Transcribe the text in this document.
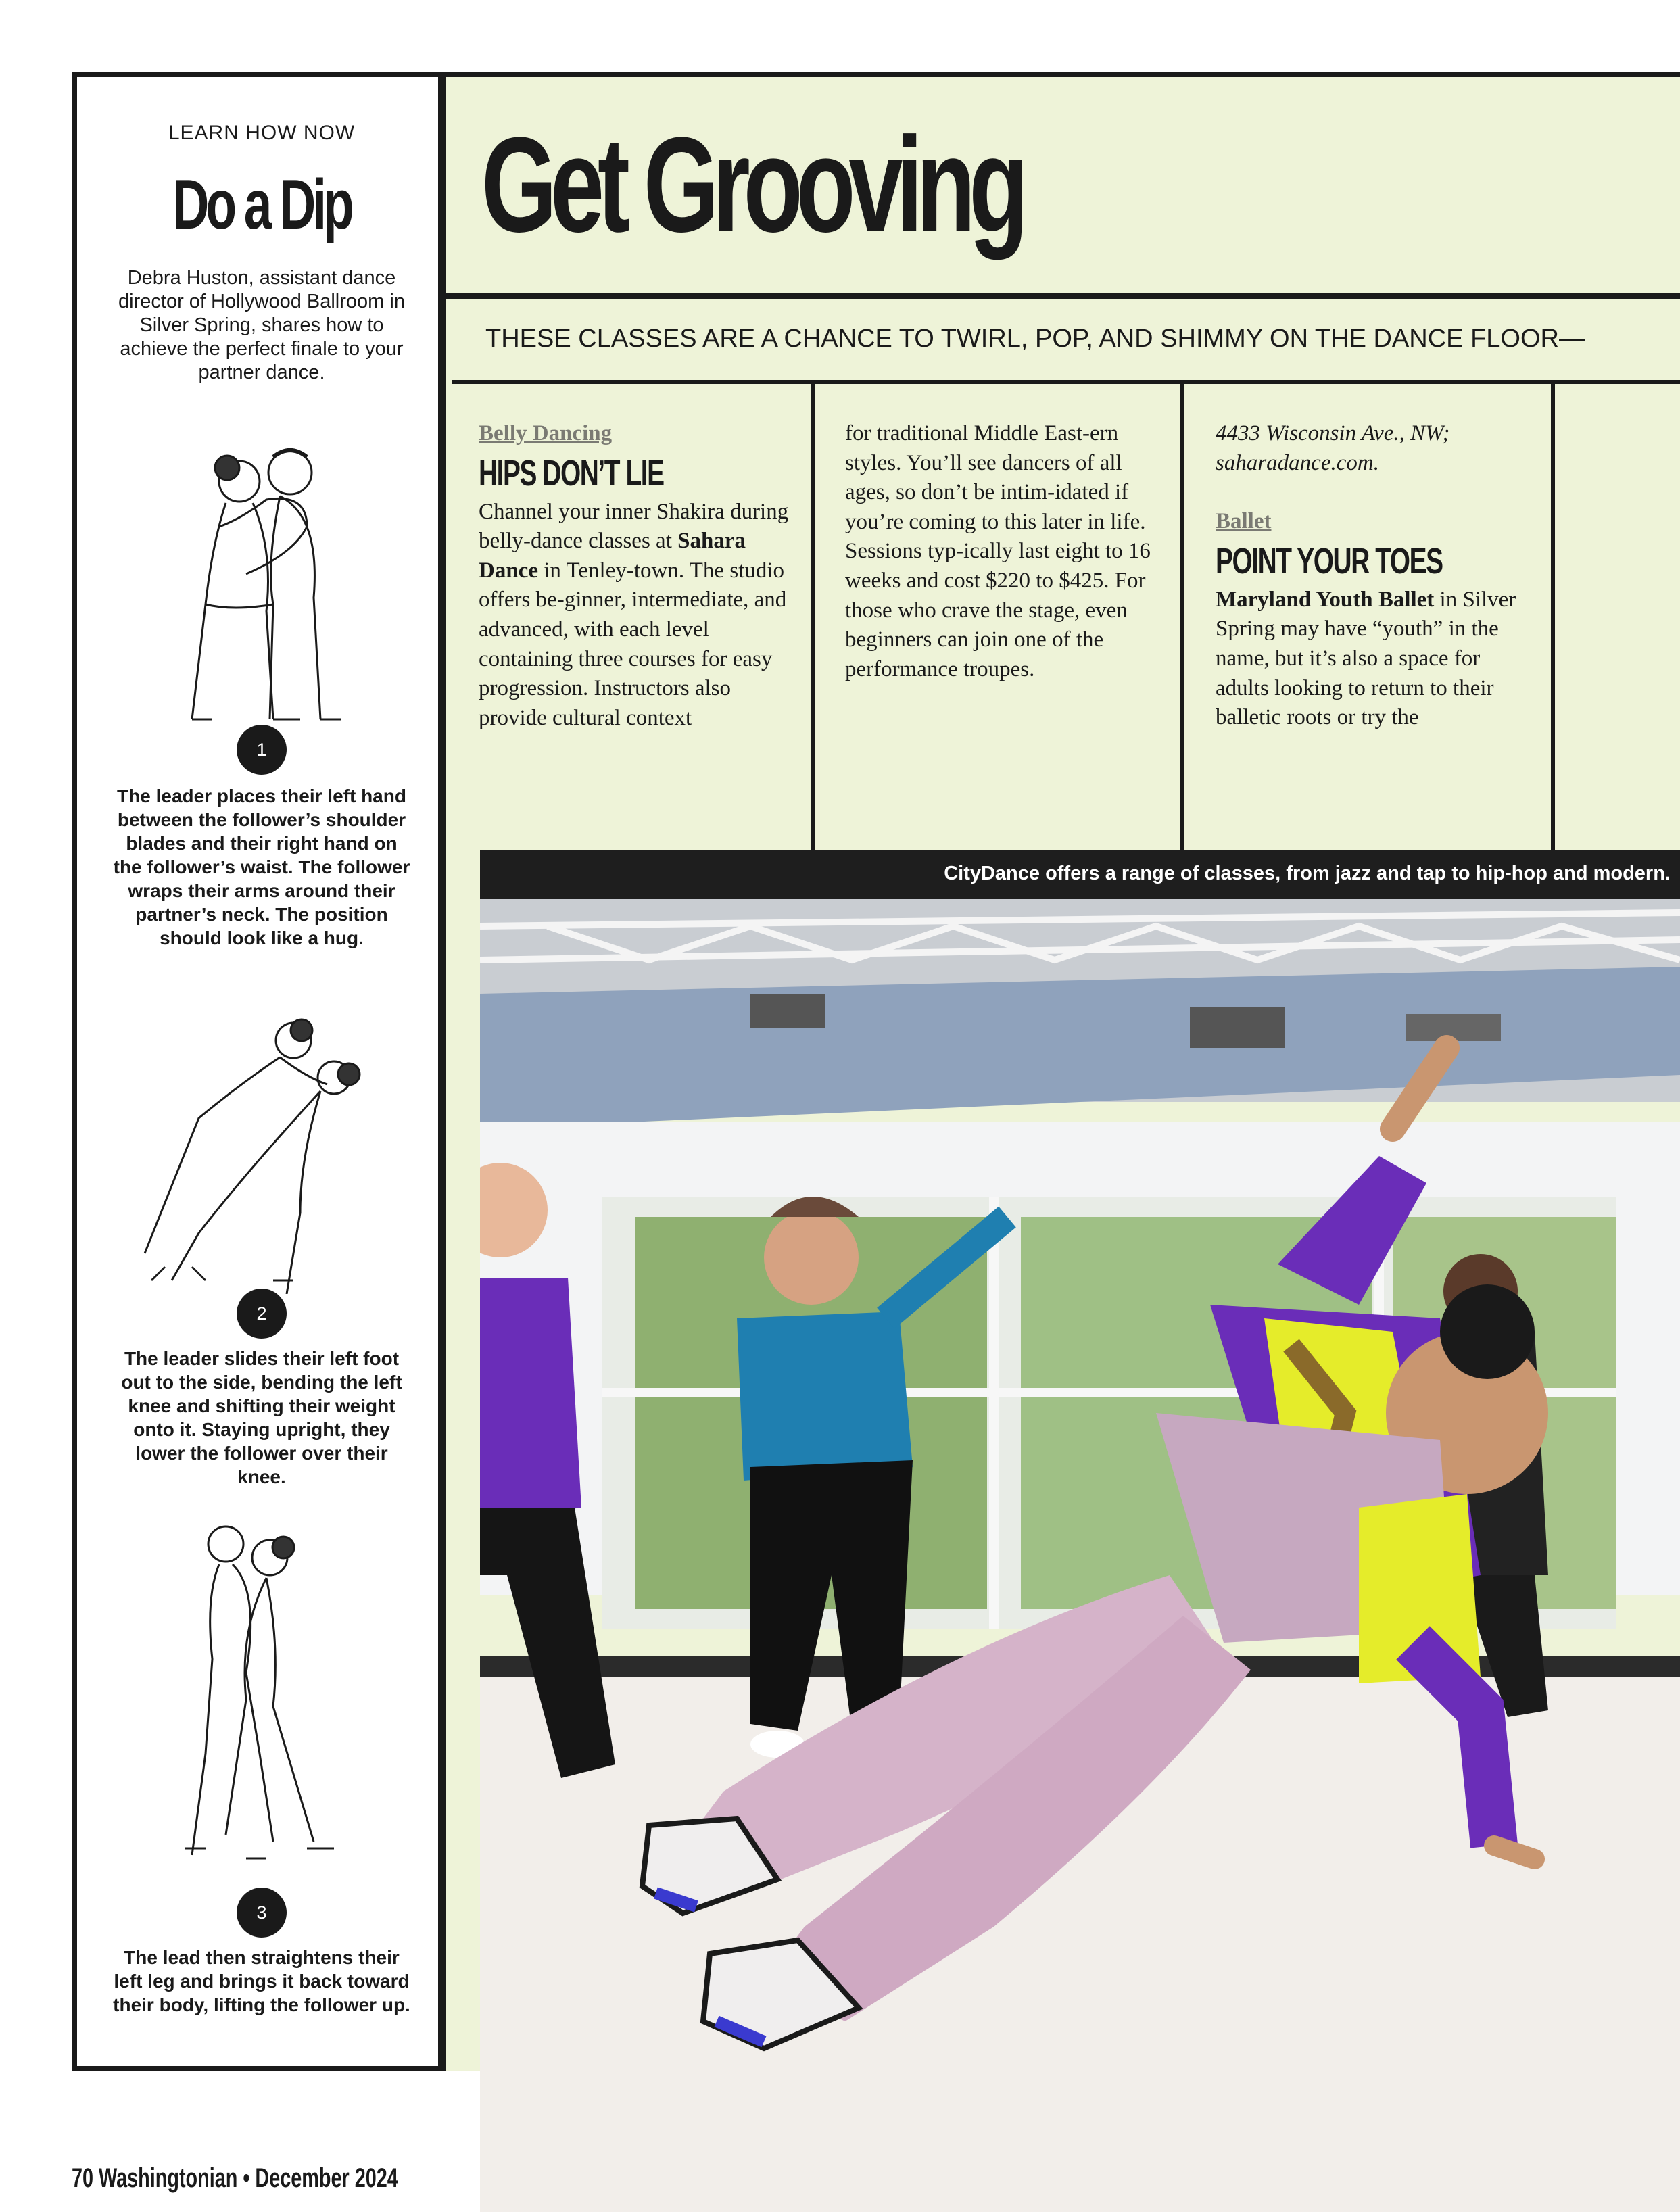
LEARN HOW NOW
Do a Dip
Debra Huston, assistant dance director of Hollywood Ballroom in Silver Spring, shares how to achieve the perfect finale to your partner dance.
1
The leader places their left hand between the follower’s shoulder blades and their right hand on the follower’s waist. The follower wraps their arms around their partner’s neck. The position should look like a hug.
2
The leader slides their left foot out to the side, bending the left knee and shifting their weight onto it. Staying upright, they lower the follower over their knee.
3
The lead then straightens their left leg and brings it back toward their body, lifting the follower up.
Get Grooving
THESE CLASSES ARE A CHANCE TO TWIRL, POP, AND SHIMMY ON THE DANCE FLOOR—
Belly Dancing
HIPS DON’T LIE

Channel your inner Shakira during belly-dance classes at Sahara Dance in Tenley-town. The studio offers be-ginner, intermediate, and advanced, with each level containing three courses for easy progression. Instructors also provide cultural context

for traditional Middle East-ern styles. You’ll see dancers of all ages, so don’t be intim-idated if you’re coming to this later in life. Sessions typ-ically last eight to 16 weeks and cost $220 to $425. For those who crave the stage, even beginners can join one of the performance troupes.

4433 Wisconsin Ave., NW; saharadance.com.

Ballet
POINT YOUR TOES

Maryland Youth Ballet in Silver Spring may have “youth” in the name, but it’s also a space for adults looking to return to their balletic roots or try the

CityDance offers a range of classes, from jazz and tap to hip-hop and modern.
70 Washingtonian • December 2024
